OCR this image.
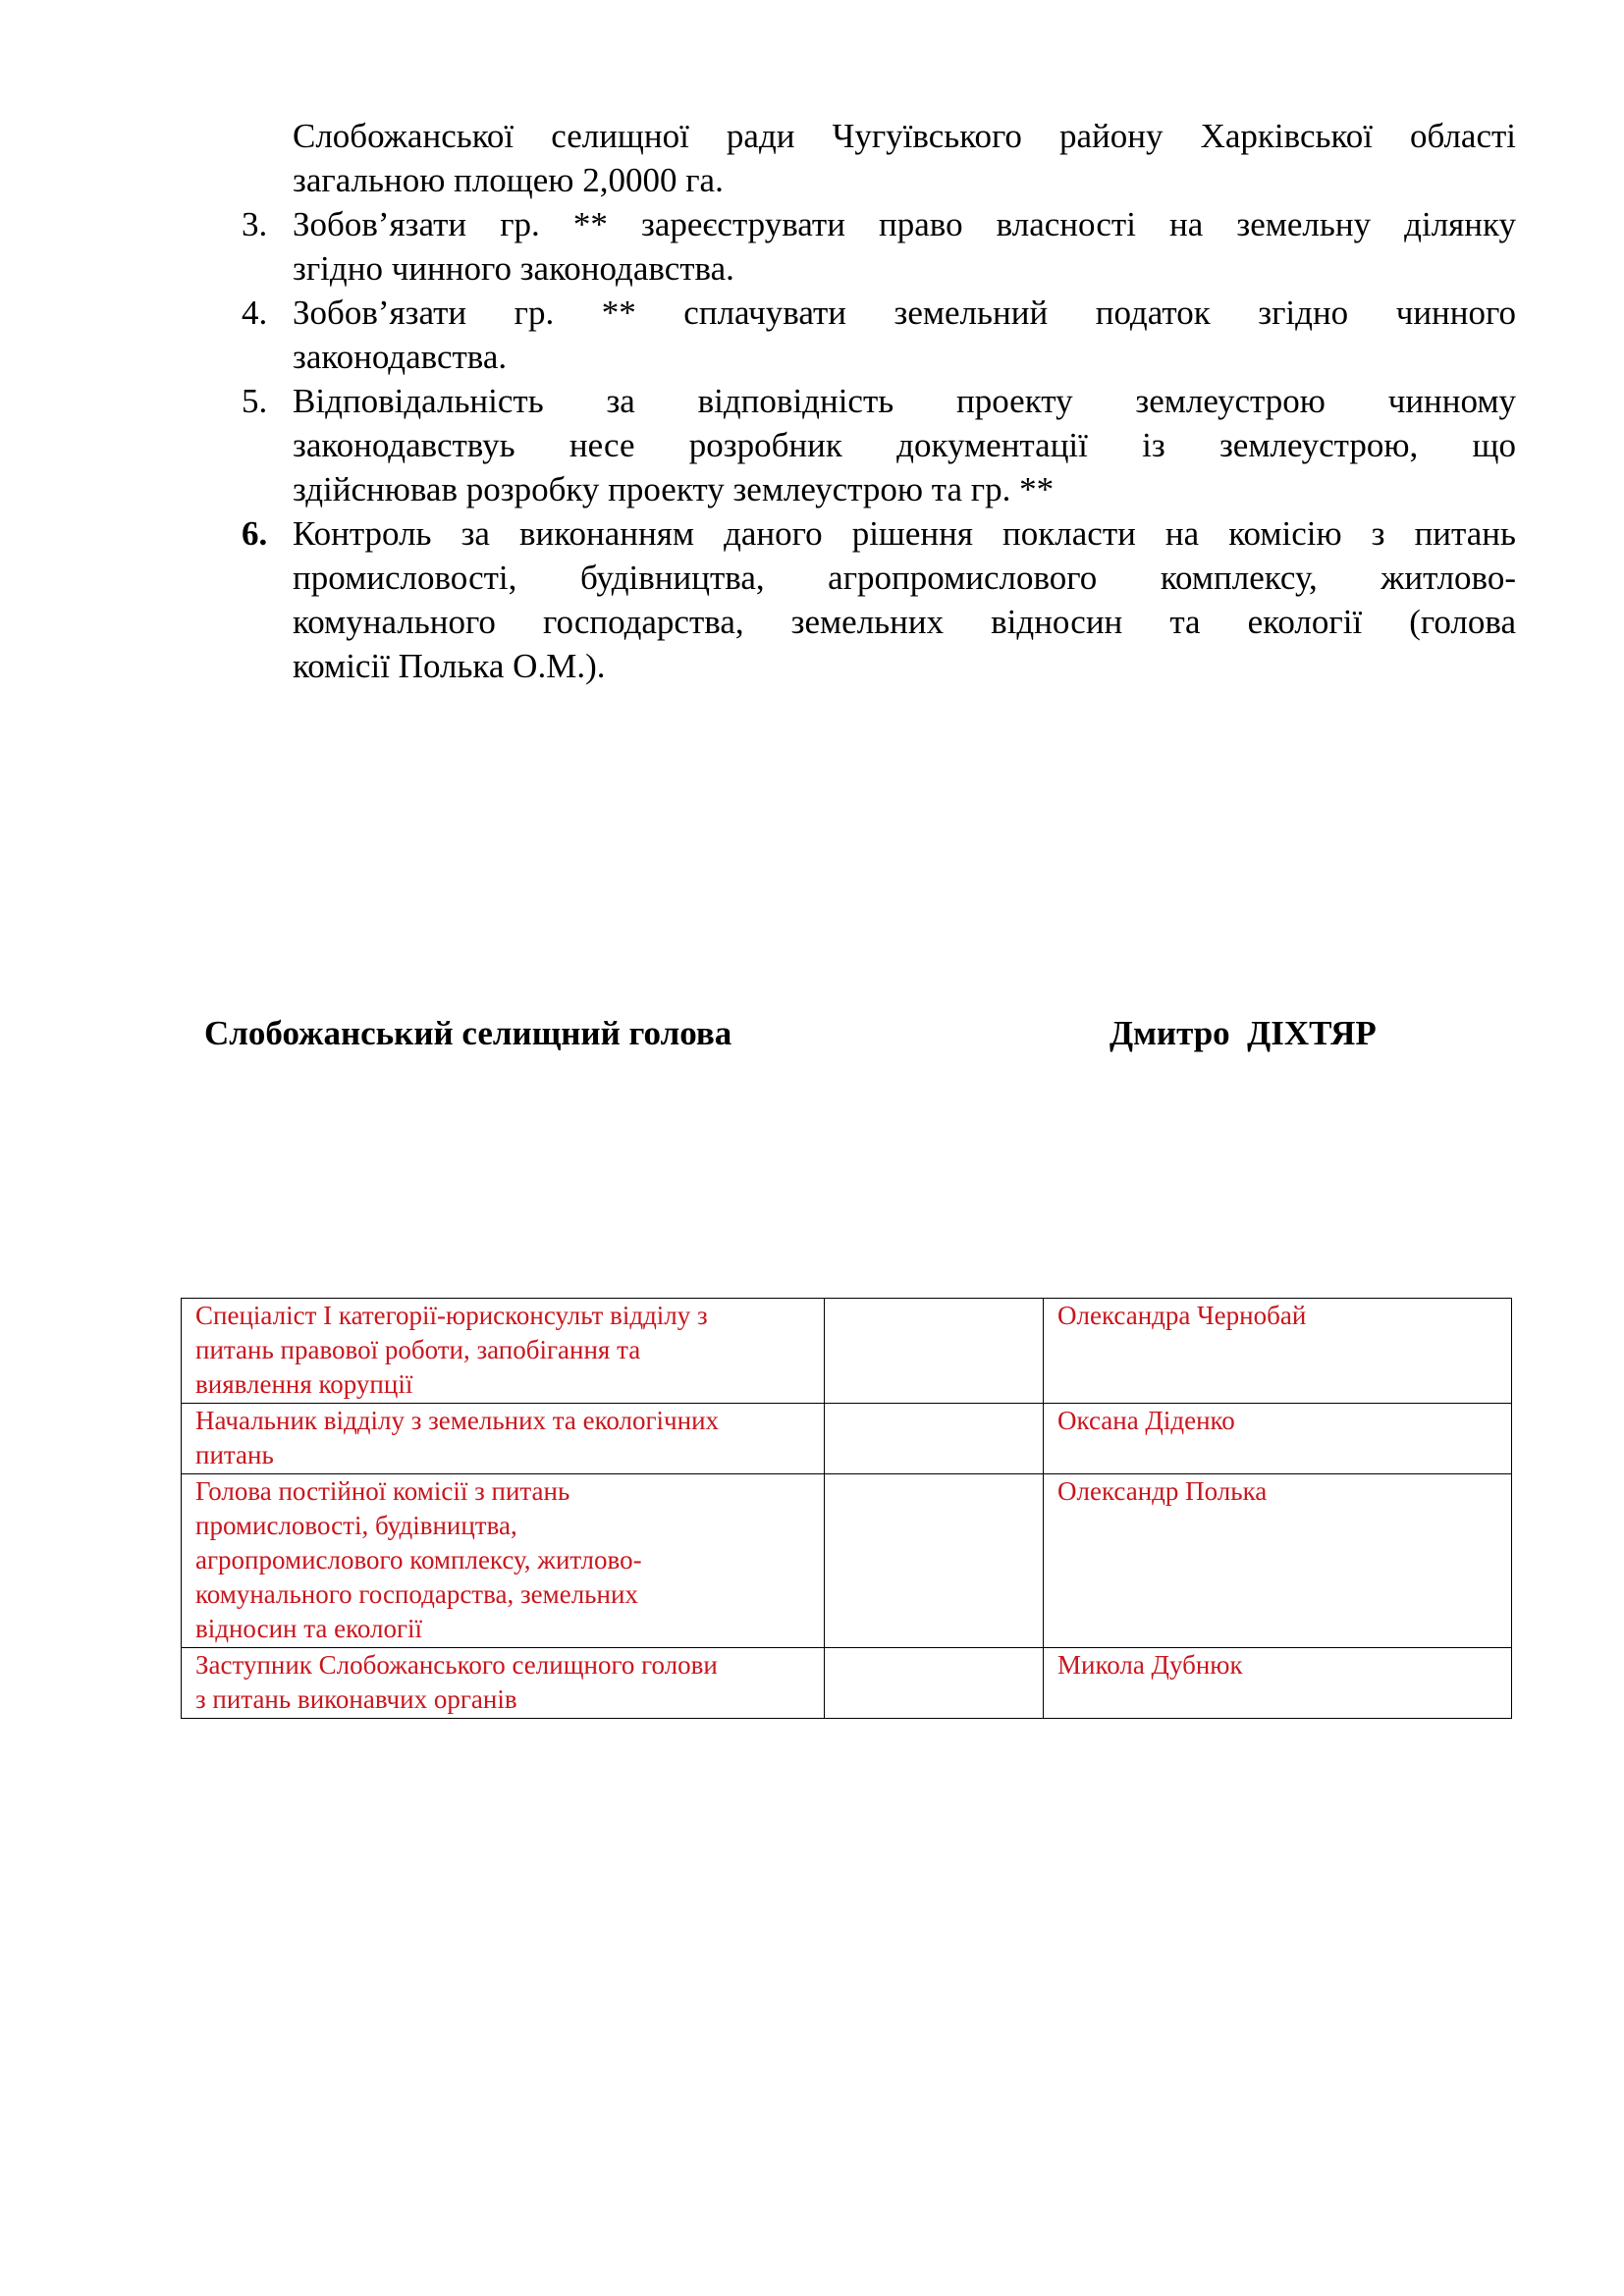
Слобожанської селищної ради Чугуївського району Харківської області
загальною площею 2,0000 га.
3. Зобов’язати гр. ** зареєструвати право власності на земельну ділянку
згідно чинного законодавства.
4. Зобов’язати гр. ** сплачувати земельний податок згідно чинного
законодавства.
5. Відповідальність за відповідність проекту землеустрою чинному
законодавствуь несе розробник документації із землеустрою, що
здійснював розробку проекту землеустрою та гр. **
6. Контроль за виконанням даного рішення покласти на комісію з питань
промисловості, будівництва, агропромислового комплексу, житлово-
комунального господарства, земельних відносин та екології (голова
комісії Полька О.М.).
Слобожанський селищний голова	Дмитро  ДІХТЯР
Спеціаліст І категорії-юрисконсульт відділу з
питань правової роботи, запобігання та
виявлення корупції		Олександра Чернобай

Начальник відділу з земельних та екологічних
питань		Оксана Діденко

Голова постійної комісії з питань
промисловості, будівництва,
агропромислового комплексу, житлово-
комунального господарства, земельних
відносин та екології		Олександр Полька

Заступник Слобожанського селищного голови
з питань виконавчих органів		Микола Дубнюк
